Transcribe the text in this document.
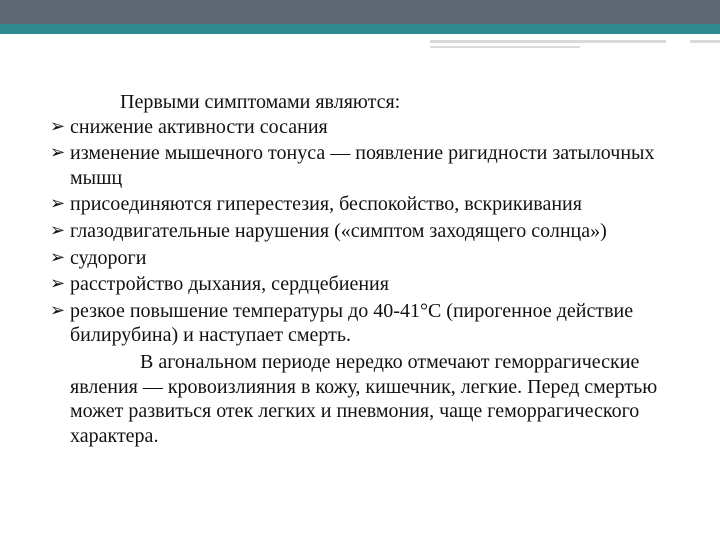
Первыми симптомами являются:

➢ снижение активности сосания
➢ изменение мышечного тонуса — появление ригидности затылочных мышц
➢ присоединяются гиперестезия, беспокойство, вскрикивания
➢ глазодвигательные нарушения («симптом заходящего солнца»)
➢ судороги
➢ расстройство дыхания, сердцебиения
➢ резкое повышение температуры до 40-41°С (пирогенное действие билирубина) и наступает смерть.

В агональном периоде нередко отмечают геморрагические явления — кровоизлияния в кожу, кишечник, легкие. Перед смертью может развиться отек легких и пневмония, чаще геморрагического характера.
